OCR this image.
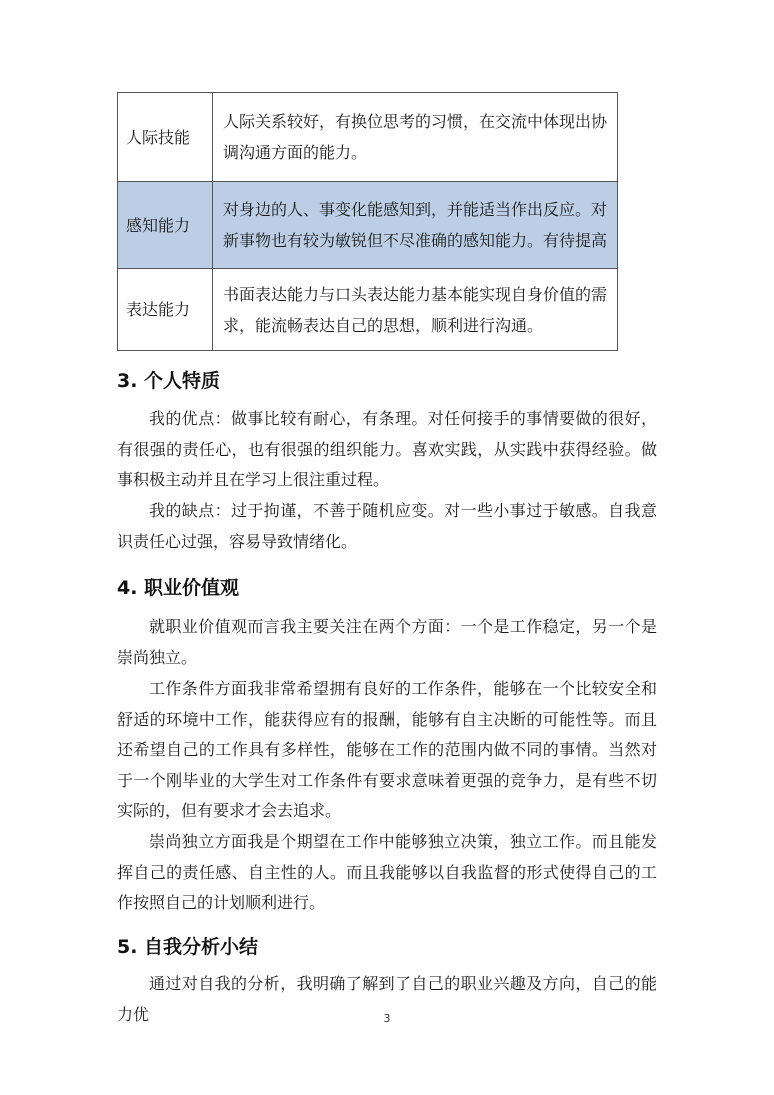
人际技能	人际关系较好，有换位思考的习惯，在交流中体现出协调沟通方面的能力。
感知能力	对身边的人、事变化能感知到，并能适当作出反应。对新事物也有较为敏锐但不尽准确的感知能力。有待提高
表达能力	书面表达能力与口头表达能力基本能实现自身价值的需求，能流畅表达自己的思想，顺利进行沟通。
3. 个人特质

我的优点：做事比较有耐心，有条理。对任何接手的事情要做的很好， 有很强的责任心，也有很强的组织能力。喜欢实践，从实践中获得经验。做事积极主动并且在学习上很注重过程。

我的缺点：过于拘谨，不善于随机应变。对一些小事过于敏感。自我意识责任心过强，容易导致情绪化。

4. 职业价值观

就职业价值观而言我主要关注在两个方面：一个是工作稳定，另一个是崇尚独立。

工作条件方面我非常希望拥有良好的工作条件，能够在一个比较安全和舒适的环境中工作，能获得应有的报酬，能够有自主决断的可能性等。而且还希望自己的工作具有多样性，能够在工作的范围内做不同的事情。当然对于一个刚毕业的大学生对工作条件有要求意味着更强的竞争力，是有些不切实际的，但有要求才会去追求。

崇尚独立方面我是个期望在工作中能够独立决策，独立工作。而且能发挥自己的责任感、自主性的人。而且我能够以自我监督的形式使得自己的工作按照自己的计划顺利进行。

5. 自我分析小结

通过对自我的分析，我明确了解到了自己的职业兴趣及方向，自己的能力优	3
